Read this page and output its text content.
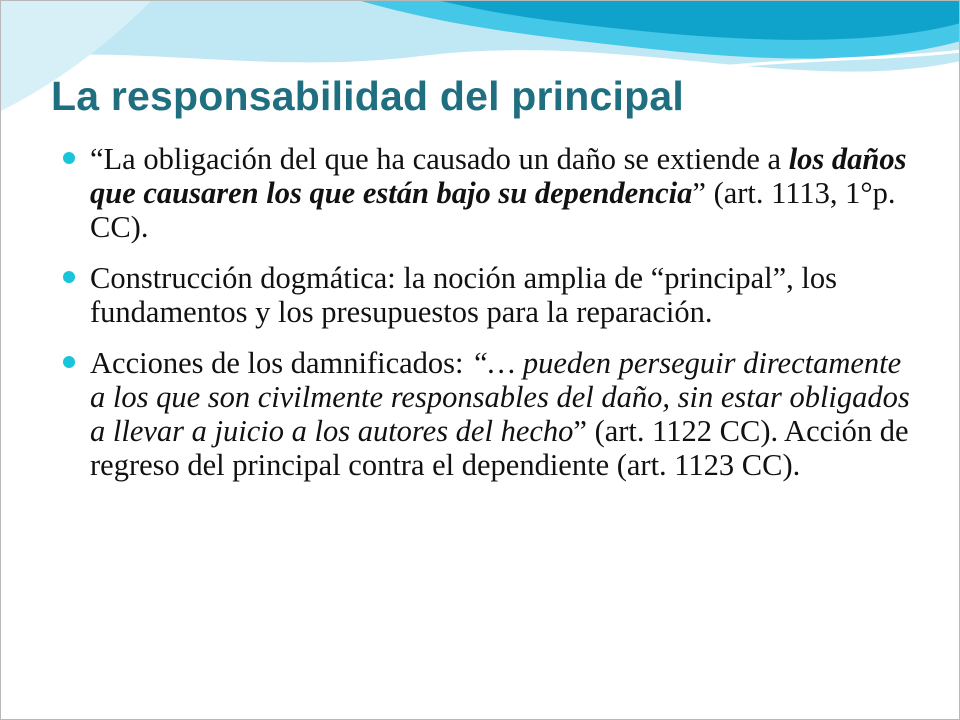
La responsabilidad del principal
“La obligación del que ha causado un daño se extiende a los daños que causaren los que están bajo su dependencia” (art. 1113, 1°p. CC).
Construcción dogmática: la noción amplia de “principal”, los fundamentos y los presupuestos para la reparación.
Acciones de los damnificados: “… pueden perseguir directamente a los que son civilmente responsables del daño, sin estar obligados a llevar a juicio a los autores del hecho” (art. 1122 CC). Acción de regreso del principal contra el dependiente (art. 1123 CC).
